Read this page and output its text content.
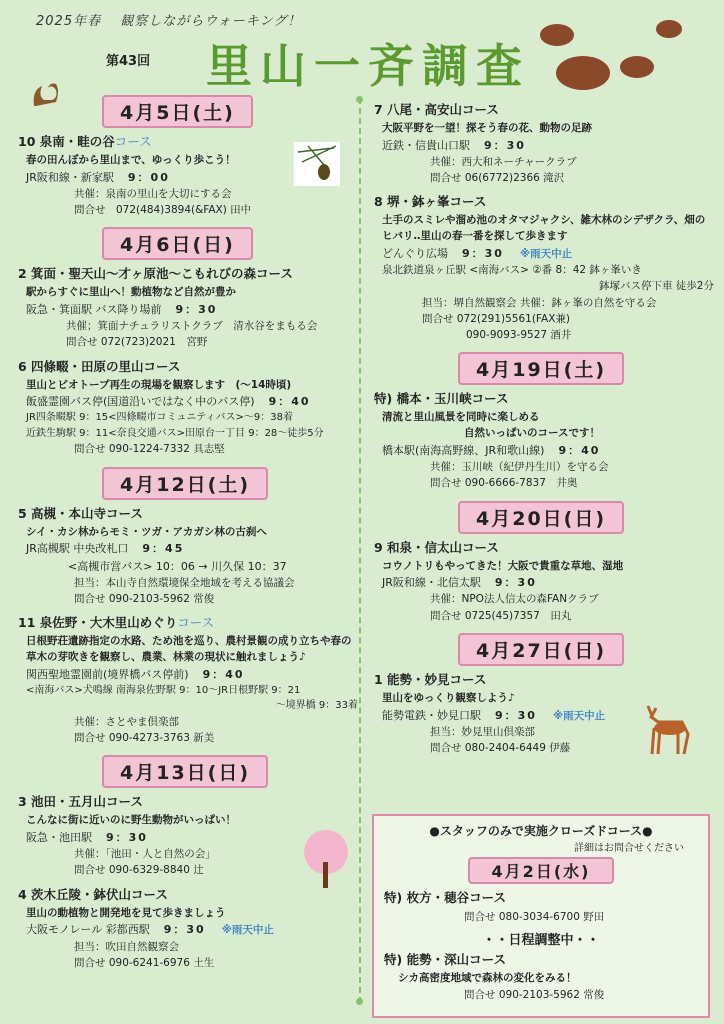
2025年春 観察しながらウォーキング！
第43回 里山一斉調査
4月5日(土)
10 泉南・畦の谷コース
春の田んぼから里山まで、ゆっくり歩こう！
JR阪和線・新家駅 9：00
共催：泉南の里山を大切にする会
問合せ　072(484)3894(&FAX) 田中
4月6日(日)
2 箕面・聖天山～才ヶ原池～こもれびの森コース
駅からすぐに里山へ！動植物など自然が豊か
阪急・箕面駅 バス降り場前 9：30
共催；箕面ナチュラリストクラブ　清水谷をまもる会
問合せ 072(723)2021　宮野
6 四條畷・田原の里山コース
里山とビオトープ再生の現場を観察します　(～14時頃)
飯盛霊園バス停(国道沿いではなく中のバス停) 9：40
JR四条畷駅 9：15<四條畷市コミュニティバス>～9：38着
近鉄生駒駅 9：11<奈良交通バス>田原台一丁目 9：28～徒歩5分
問合せ 090-1224-7332 具志堅
4月12日(土)
5 高槻・本山寺コース
シイ・カシ林からモミ・ツガ・アカガシ林の古刹へ
JR高槻駅 中央改札口 9：45
<高槻市営バス> 10：06 → 川久保 10：37
担当：本山寺自然環境保全地域を考える協議会
問合せ 090-2103-5962 常俊
11 泉佐野・大木里山めぐりコース
日根野荘遺跡指定の水路、ため池を巡り、農村景観の成り立ちや春の草木の芽吹きを観察し、農業、林業の現状に触れましょう♪
関西聖地霊園前(境界橋バス停前) 9：40
<南海バス>犬鳴線 南海泉佐野駅 9：10～JR日根野駅 9：21
～境界橋 9：33着
共催：さとやま倶楽部
問合せ 090-4273-3763 新美
4月13日(日)
3 池田・五月山コース
こんなに街に近いのに野生動物がいっぱい！
阪急・池田駅 9：30
共催：「池田・人と自然の会」
問合せ 090-6329-8840 辻
4 茨木丘陵・鉢伏山コース
里山の動植物と開発地を見て歩きましょう
大阪モノレール 彩都西駅 9：30 ※雨天中止
担当：吹田自然観察会
問合せ 090-6241-6976 土生
7 八尾・高安山コース
大阪平野を一望！探そう春の花、動物の足跡
近鉄・信貴山口駅 9：30
共催：西大和ネーチャークラブ
問合せ 06(6772)2366 滝沢
8 堺・鉢ヶ峯コース
土手のスミレや溜め池のオタマジャクシ、雑木林のシデザクラ、畑のヒバリ‥里山の春一番を探して歩きます
どんぐり広場 9：30 ※雨天中止
泉北鉄道泉ヶ丘駅 <南海バス> ②番 8：42 鉢ヶ峯いき
鉢塚バス停下車 徒歩2分
担当：堺自然観察会 共催：鉢ヶ峯の自然を守る会
問合せ 072(291)5561(FAX兼)
090-9093-9527 酒井
4月19日(土)
特) 橋本・玉川峡コース
清流と里山風景を同時に楽しめる
自然いっぱいのコースです！
橋本駅(南海高野線、JR和歌山線) 9：40
共催：玉川峡（紀伊丹生川）を守る会
問合せ 090-6666-7837　井奥
4月20日(日)
9 和泉・信太山コース
コウノトリもやってきた！大阪で貴重な草地、湿地
JR阪和線・北信太駅 9：30
共催：NPO法人信太の森FANクラブ
問合せ 0725(45)7357　田丸
4月27日(日)
1 能勢・妙見コース
里山をゆっくり観察しよう♪
能勢電鉄・妙見口駅 9：30 ※雨天中止
担当：妙見里山倶楽部
問合せ 080-2404-6449 伊藤
●スタッフのみで実施クローズドコース●
詳細はお問合せください
4月2日(水)
特) 枚方・穂谷コース
問合せ 080-3034-6700 野田
・・日程調整中・・
特) 能勢・深山コース
シカ高密度地域で森林の変化をみる！
問合せ 090-2103-5962 常俊
